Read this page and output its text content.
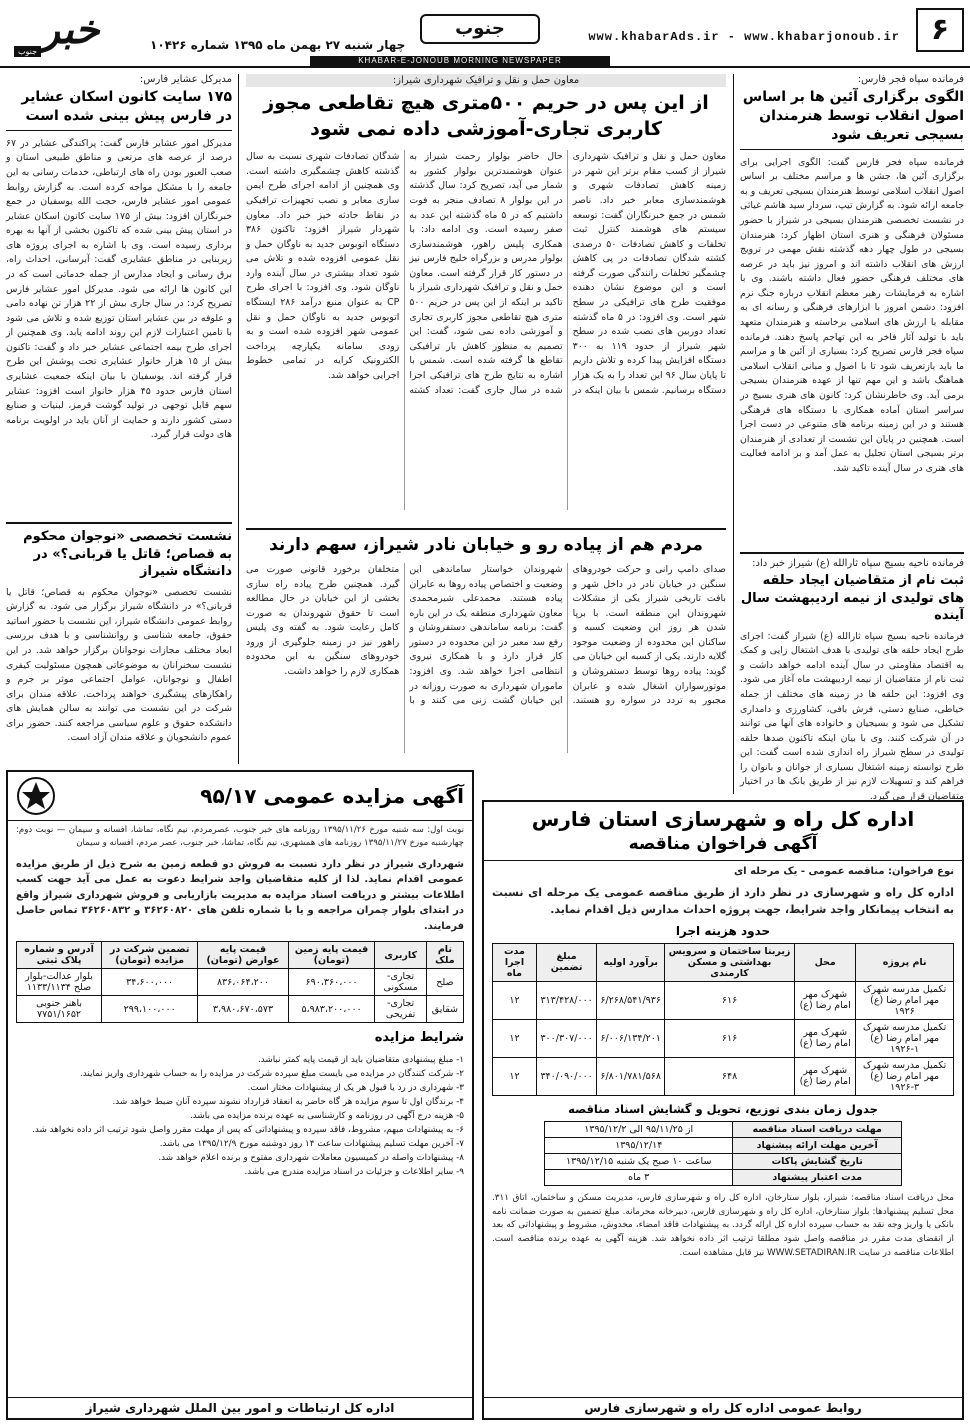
۶
www.khabarAds.ir - www.khabarjonoub.ir
جنوب
چهار شنبه ۲۷ بهمن ماه ۱۳۹۵ شماره ۱۰۴۲۶
خبر
جنوب
KHABAR-E-JONOUB MORNING NEWSPAPER
فرمانده سپاه فجر فارس:
الگوی برگزاری آئین ها بر اساس اصول انقلاب توسط هنرمندان بسیجی تعریف شود

فرمانده سپاه فجر فارس گفت: الگوی اجرایی برای برگزاری آئین ها، جشن ها و مراسم مختلف بر اساس اصول انقلاب اسلامی توسط هنرمندان بسیجی تعریف و به جامعه ارائه شود. به گزارش تیپ، سردار سید هاشم غیاثی در نشست تخصصی هنرمندان بسیجی در شیراز با حضور مسئولان فرهنگی و هنری استان اظهار کرد: هنرمندان بسیجی در طول چهار دهه گذشته نقش مهمی در ترویج ارزش های انقلاب داشته اند و امروز نیز باید در عرصه های مختلف فرهنگی حضور فعال داشته باشند. وی با اشاره به فرمایشات رهبر معظم انقلاب درباره جنگ نرم افزود: دشمن امروز با ابزارهای فرهنگی و رسانه ای به مقابله با ارزش های اسلامی برخاسته و هنرمندان متعهد باید با تولید آثار فاخر به این تهاجم پاسخ دهند. فرمانده سپاه فجر فارس تصریح کرد: بسیاری از آئین ها و مراسم ما باید بازتعریف شود تا با اصول و مبانی انقلاب اسلامی هماهنگ باشد و این مهم تنها از عهده هنرمندان بسیجی برمی آید. وی خاطرنشان کرد: کانون های هنری بسیج در سراسر استان آماده همکاری با دستگاه های فرهنگی هستند و در این زمینه برنامه های متنوعی در دست اجرا است. همچنین در پایان این نشست از تعدادی از هنرمندان برتر بسیجی استان تجلیل به عمل آمد و بر ادامه فعالیت های هنری در سال آینده تاکید شد.

فرمانده ناحیه بسیج سپاه ثارالله (ع) شیراز خبر داد:
ثبت نام از متقاضیان ایجاد حلقه های تولیدی از نیمه اردیبهشت سال آینده

فرمانده ناحیه بسیج سپاه ثارالله (ع) شیراز گفت: اجرای طرح ایجاد حلقه های تولیدی با هدف اشتغال زایی و کمک به اقتصاد مقاومتی در سال آینده ادامه خواهد داشت و ثبت نام از متقاضیان از نیمه اردیبهشت ماه آغاز می شود. وی افزود: این حلقه ها در زمینه های مختلف از جمله خیاطی، صنایع دستی، فرش بافی، کشاورزی و دامداری تشکیل می شود و بسیجیان و خانواده های آنها می توانند در آن شرکت کنند. وی با بیان اینکه تاکنون صدها حلقه تولیدی در سطح شیراز راه اندازی شده است گفت: این طرح توانسته زمینه اشتغال بسیاری از جوانان و بانوان را فراهم کند و تسهیلات لازم نیز از طریق بانک ها در اختیار متقاضیان قرار می گیرد.

معاون حمل و نقل و ترافیک شهرداری شیراز:
از این پس در حریم ۵۰۰متری هیچ تقاطعی مجوز کاربری تجاری-آموزشی داده نمی شود
معاون حمل و نقل و ترافیک شهرداری شیراز از کسب مقام برتر این شهر در زمینه کاهش تصادفات شهری و هوشمندسازی معابر خبر داد. ناصر شمس در جمع خبرنگاران گفت: توسعه سیستم های هوشمند کنترل ثبت تخلفات و کاهش تصادفات ۵۰ درصدی کشته شدگان تصادفات در پی کاهش چشمگیر تخلفات رانندگی صورت گرفته است و این موضوع نشان دهنده موفقیت طرح های ترافیکی در سطح شهر است. وی افزود: در ۵ ماه گذشته تعداد دوربین های نصب شده در سطح شهر شیراز از حدود ۱۱۹ به ۳۰۰ دستگاه افزایش پیدا کرده و تلاش داریم تا پایان سال ۹۶ این تعداد را به یک هزار دستگاه برسانیم. شمس با بیان اینکه در حال حاضر بولوار رحمت شیراز به عنوان هوشمندترین بولوار کشور به شمار می آید، تصریح کرد: سال گذشته در این بولوار ۸ تصادف منجر به فوت داشتیم که در ۵ ماه گذشته این عدد به صفر رسیده است. وی ادامه داد: با همکاری پلیس راهور، هوشمندسازی بولوار مدرس و بزرگراه خلیج فارس نیز در دستور کار قرار گرفته است. معاون حمل و نقل و ترافیک شهرداری شیراز با تاکید بر اینکه از این پس در حریم ۵۰۰ متری هیچ تقاطعی مجوز کاربری تجاری و آموزشی داده نمی شود، گفت: این تصمیم به منظور کاهش بار ترافیکی تقاطع ها گرفته شده است. شمس با اشاره به نتایج طرح های ترافیکی اجرا شده در سال جاری گفت: تعداد کشته شدگان تصادفات شهری نسبت به سال گذشته کاهش چشمگیری داشته است. وی همچنین از ادامه اجرای طرح ایمن سازی معابر و نصب تجهیزات ترافیکی در نقاط حادثه خیز خبر داد. معاون شهردار شیراز افزود: تاکنون ۳۸۶ دستگاه اتوبوس جدید به ناوگان حمل و نقل عمومی افزوده شده و تلاش می شود تعداد بیشتری در سال آینده وارد ناوگان شود. وی افزود: با اجرای طرح CP به عنوان منبع درآمد ۲۸۶ ایستگاه اتوبوس جدید به ناوگان حمل و نقل عمومی شهر افزوده شده است و به زودی سامانه یکپارچه پرداخت الکترونیک کرایه در تمامی خطوط اجرایی خواهد شد.
مردم هم از پیاده رو و خیابان نادر شیراز، سهم دارند
صدای دامپ رانی و حرکت خودروهای سنگین در خیابان نادر در داخل شهر و بافت تاریخی شیراز یکی از مشکلات شهروندان این منطقه است. با برپا شدن هر روز این وضعیت کسبه و ساکنان این محدوده از وضعیت موجود گلایه دارند. یکی از کسبه این خیابان می گوید: پیاده روها توسط دستفروشان و موتورسواران اشغال شده و عابران مجبور به تردد در سواره رو هستند. شهروندان خواستار ساماندهی این وضعیت و اختصاص پیاده روها به عابران پیاده هستند. محمدعلی شیرمحمدی معاون شهرداری منطقه یک در این باره گفت: برنامه ساماندهی دستفروشان و رفع سد معبر در این محدوده در دستور کار قرار دارد و با همکاری نیروی انتظامی اجرا خواهد شد. وی افزود: ماموران شهرداری به صورت روزانه در این خیابان گشت زنی می کنند و با متخلفان برخورد قانونی صورت می گیرد. همچنین طرح پیاده راه سازی بخشی از این خیابان در حال مطالعه است تا حقوق شهروندان به صورت کامل رعایت شود. به گفته وی پلیس راهور نیز در زمینه جلوگیری از ورود خودروهای سنگین به این محدوده همکاری لازم را خواهد داشت.
مدیرکل عشایر فارس:
۱۷۵ سایت کانون اسکان عشایر در فارس پیش بینی شده است

مدیرکل امور عشایر فارس گفت: پراکندگی عشایر در ۶۷ درصد از عرصه های مرتعی و مناطق طبیعی استان و صعب العبور بودن راه های ارتباطی، خدمات رسانی به این جامعه را با مشکل مواجه کرده است. به گزارش روابط عمومی امور عشایر فارس، حجت الله یوسفیان در جمع خبرنگاران افزود: بیش از ۱۷۵ سایت کانون اسکان عشایر در استان پیش بینی شده که تاکنون بخشی از آنها به بهره برداری رسیده است. وی با اشاره به اجرای پروژه های زیربنایی در مناطق عشایری گفت: آبرسانی، احداث راه، برق رسانی و ایجاد مدارس از جمله خدماتی است که در این کانون ها ارائه می شود. مدیرکل امور عشایر فارس تصریح کرد: در سال جاری بیش از ۲۲ هزار تن نهاده دامی و علوفه در بین عشایر استان توزیع شده و تلاش می شود با تامین اعتبارات لازم این روند ادامه یابد. وی همچنین از اجرای طرح بیمه اجتماعی عشایر خبر داد و گفت: تاکنون بیش از ۱۵ هزار خانوار عشایری تحت پوشش این طرح قرار گرفته اند. یوسفیان با بیان اینکه جمعیت عشایری استان فارس حدود ۴۵ هزار خانوار است افزود: عشایر سهم قابل توجهی در تولید گوشت قرمز، لبنیات و صنایع دستی کشور دارند و حمایت از آنان باید در اولویت برنامه های دولت قرار گیرد.

نشست تخصصی «نوجوان محکوم به قصاص؛ قاتل یا قربانی؟» در دانشگاه شیراز

نشست تخصصی «نوجوان محکوم به قصاص؛ قاتل یا قربانی؟» در دانشگاه شیراز برگزار می شود. به گزارش روابط عمومی دانشگاه شیراز، این نشست با حضور اساتید حقوق، جامعه شناسی و روانشناسی و با هدف بررسی ابعاد مختلف مجازات نوجوانان برگزار خواهد شد. در این نشست سخنرانان به موضوعاتی همچون مسئولیت کیفری اطفال و نوجوانان، عوامل اجتماعی موثر بر جرم و راهکارهای پیشگیری خواهند پرداخت. علاقه مندان برای شرکت در این نشست می توانند به سالن همایش های دانشکده حقوق و علوم سیاسی مراجعه کنند. حضور برای عموم دانشجویان و علاقه مندان آزاد است.

آگهی مزایده عمومی ۹۵/۱۷

نوبت اول: سه شنبه مورخ ۱۳۹۵/۱۱/۲۶ روزنامه های خبر جنوب، عصرمردم، نیم نگاه، تماشا، افسانه و سیمان — نوبت دوم: چهارشنبه مورخ ۱۳۹۵/۱۱/۲۷ روزنامه های همشهری، نیم نگاه، تماشا، خبر جنوب، عصر مردم، افسانه و سیمان

شهرداری شیراز در نظر دارد نسبت به فروش دو قطعه زمین به شرح ذیل از طریق مزایده عمومی اقدام نماید. لذا از کلیه متقاضیان واجد شرایط دعوت به عمل می آید جهت کسب اطلاعات بیشتر و دریافت اسناد مزایده به مدیریت بازاریابی و فروش شهرداری شیراز واقع در ابتدای بلوار چمران مراجعه و یا با شماره تلفن های ۳۶۲۶۰۸۲۰ و ۳۶۲۶۰۸۳۲ تماس حاصل فرمایند.

نام ملک	کاربری	قیمت پایه زمین (تومان)	قیمت پایه عوارض (تومان)	تضمین شرکت در مزایده (تومان)	آدرس و شماره پلاک ثبتی
صلح	تجاری-مسکونی	۶۹۰،۳۶۰،۰۰۰	۸۳۶،۰۶۴،۲۰۰	۳۴،۶۰۰،۰۰۰	بلوار عدالت-بلوار صلح ۱۱۳۳/۱۱۳۴
شقایق	تجاری-تفریحی	۵،۹۸۳،۲۰۰،۰۰۰	۳،۹۸۰،۶۷۰،۵۷۳	۲۹۹،۱۰۰،۰۰۰	باهنر جنوبی ۷۷۵۱/۱۶۵۲
شرایط مزایده
۱- مبلغ پیشنهادی متقاضیان باید از قیمت پایه کمتر نباشد.
۲- شرکت کنندگان در مزایده می بایست مبلغ سپرده شرکت در مزایده را به حساب شهرداری واریز نمایند.
۳- شهرداری در رد یا قبول هر یک از پیشنهادات مختار است.
۴- برندگان اول تا سوم مزایده هر گاه حاضر به انعقاد قرارداد نشوند سپرده آنان ضبط خواهد شد.
۵- هزینه درج آگهی در روزنامه و کارشناسی به عهده برنده مزایده می باشد.
۶- به پیشنهادات مبهم، مشروط، فاقد سپرده و پیشنهاداتی که پس از مهلت مقرر واصل شود ترتیب اثر داده نخواهد شد.
۷- آخرین مهلت تسلیم پیشنهادات ساعت ۱۴ روز دوشنبه مورخ ۱۳۹۵/۱۲/۹ می باشد.
۸- پیشنهادات واصله در کمیسیون معاملات شهرداری مفتوح و برنده اعلام خواهد شد.
۹- سایر اطلاعات و جزئیات در اسناد مزایده مندرج می باشد.
اداره کل ارتباطات و امور بین الملل شهرداری شیراز
اداره کل راه و شهرسازی استان فارس
آگهی فراخوان مناقصه

نوع فراخوان: مناقصه عمومی - یک مرحله ای

اداره کل راه و شهرسازی در نظر دارد از طریق مناقصه عمومی یک مرحله ای نسبت به انتخاب پیمانکار واجد شرایط، جهت پروژه احداث مدارس ذیل اقدام نماید.

حدود هزینه اجرا
نام پروژه	محل	زیربنا ساختمان و سرویس بهداشتی و مسکن کارمندی	برآورد اولیه	مبلغ تضمین	مدت اجرا ماه
تکمیل مدرسه شهرک مهر امام رضا (ع) ۱۹۲۶	شهرک مهر امام رضا (ع)	۶۱۶	۶/۲۶۸/۵۴۱/۹۳۶	۳۱۳/۴۲۸/۰۰۰	۱۲
تکمیل مدرسه شهرک مهر امام رضا (ع) ۱-۱۹۲۶	شهرک مهر امام رضا (ع)	۶۱۶	۶/۰۰۶/۱۳۴/۲۰۱	۳۰۰/۳۰۷/۰۰۰	۱۲
تکمیل مدرسه شهرک مهر امام رضا (ع) ۳-۱۹۲۶	شهرک مهر امام رضا (ع)	۶۴۸	۶/۸۰۱/۷۸۱/۵۶۸	۳۴۰/۰۹۰/۰۰۰	۱۲
جدول زمان بندی توزیع، تحویل و گشایش اسناد مناقصه
مهلت دریافت اسناد مناقصه	از ۹۵/۱۱/۲۵ الی ۱۳۹۵/۱۲/۲
آخرین مهلت ارائه پیشنهاد	۱۳۹۵/۱۲/۱۴
تاریخ گشایش پاکات	ساعت ۱۰ صبح یک شنبه ۱۳۹۵/۱۲/۱۵
مدت اعتبار پیشنهاد	۳ ماه

محل دریافت اسناد مناقصه: شیراز، بلوار ستارخان، اداره کل راه و شهرسازی فارس، مدیریت مسکن و ساختمان، اتاق ۳۱۱. محل تسلیم پیشنهادها: بلوار ستارخان، اداره کل راه و شهرسازی فارس، دبیرخانه محرمانه. مبلغ تضمین به صورت ضمانت نامه بانکی یا واریز وجه نقد به حساب سپرده اداره کل ارائه گردد. به پیشنهادات فاقد امضاء، مخدوش، مشروط و پیشنهاداتی که بعد از انقضای مدت مقرر در مناقصه واصل شود مطلقا ترتیب اثر داده نخواهد شد. هزینه آگهی به عهده برنده مناقصه است. اطلاعات مناقصه در سایت WWW.SETADIRAN.IR نیز قابل مشاهده است.

روابط عمومی اداره کل راه و شهرسازی فارس
